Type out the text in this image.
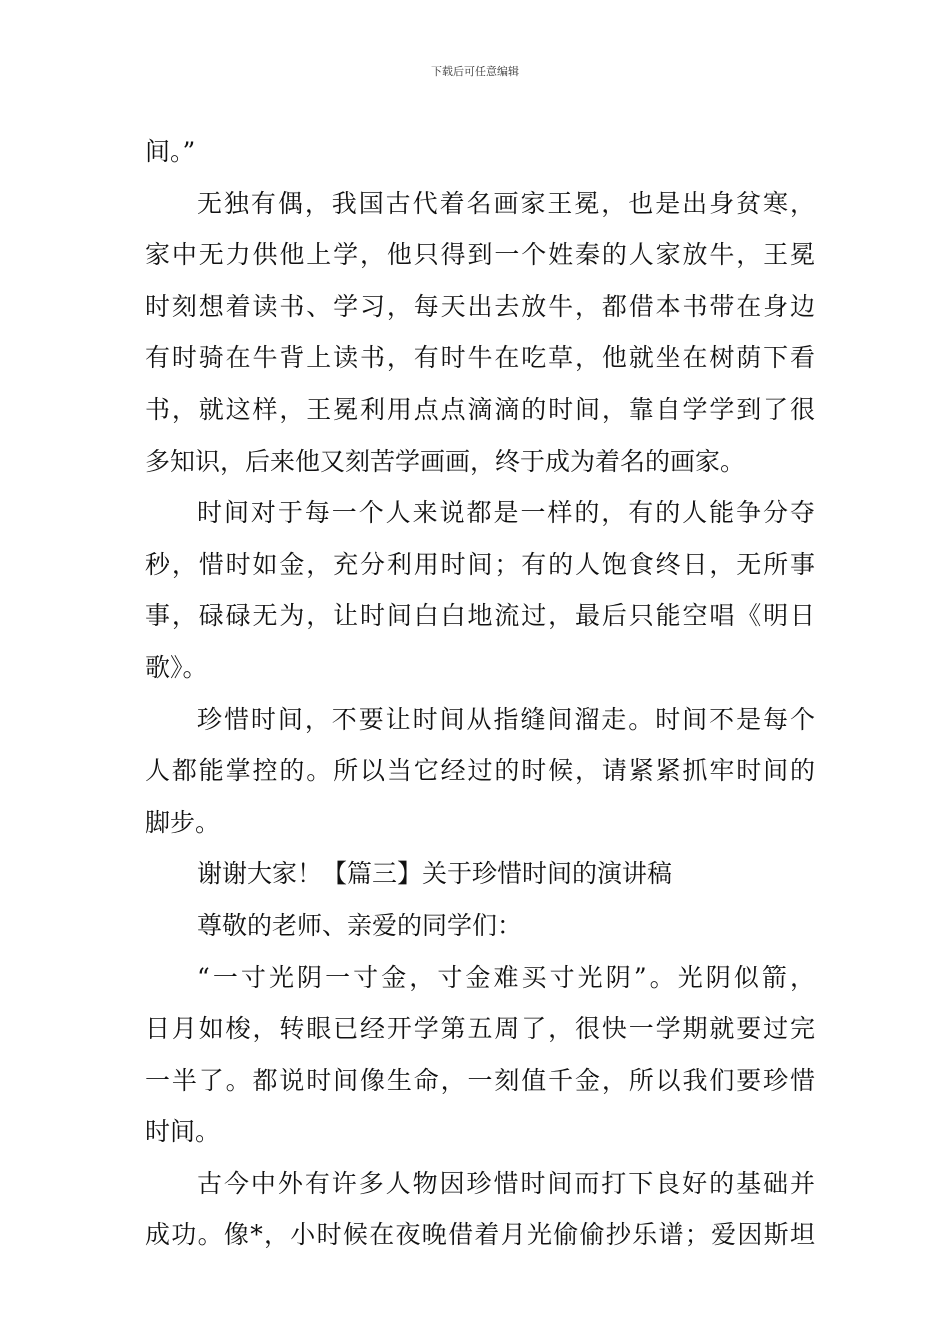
下载后可任意编辑
间。”
无独有偶，我国古代着名画家王冕，也是出身贫寒，
家中无力供他上学，他只得到一个姓秦的人家放牛，王冕
时刻想着读书、学习，每天出去放牛，都借本书带在身边
有时骑在牛背上读书，有时牛在吃草，他就坐在树荫下看
书，就这样，王冕利用点点滴滴的时间，靠自学学到了很
多知识，后来他又刻苦学画画，终于成为着名的画家。
时间对于每一个人来说都是一样的，有的人能争分夺
秒，惜时如金，充分利用时间；有的人饱食终日，无所事
事，碌碌无为，让时间白白地流过，最后只能空唱《明日
歌》。
珍惜时间，不要让时间从指缝间溜走。时间不是每个
人都能掌控的。所以当它经过的时候，请紧紧抓牢时间的
脚步。
谢谢大家！【篇三】关于珍惜时间的演讲稿
尊敬的老师、亲爱的同学们：
“一寸光阴一寸金，寸金难买寸光阴”。光阴似箭，
日月如梭，转眼已经开学第五周了，很快一学期就要过完
一半了。都说时间像生命，一刻值千金，所以我们要珍惜
时间。
古今中外有许多人物因珍惜时间而打下良好的基础并
成功。像*，小时候在夜晚借着月光偷偷抄乐谱；爱因斯坦
